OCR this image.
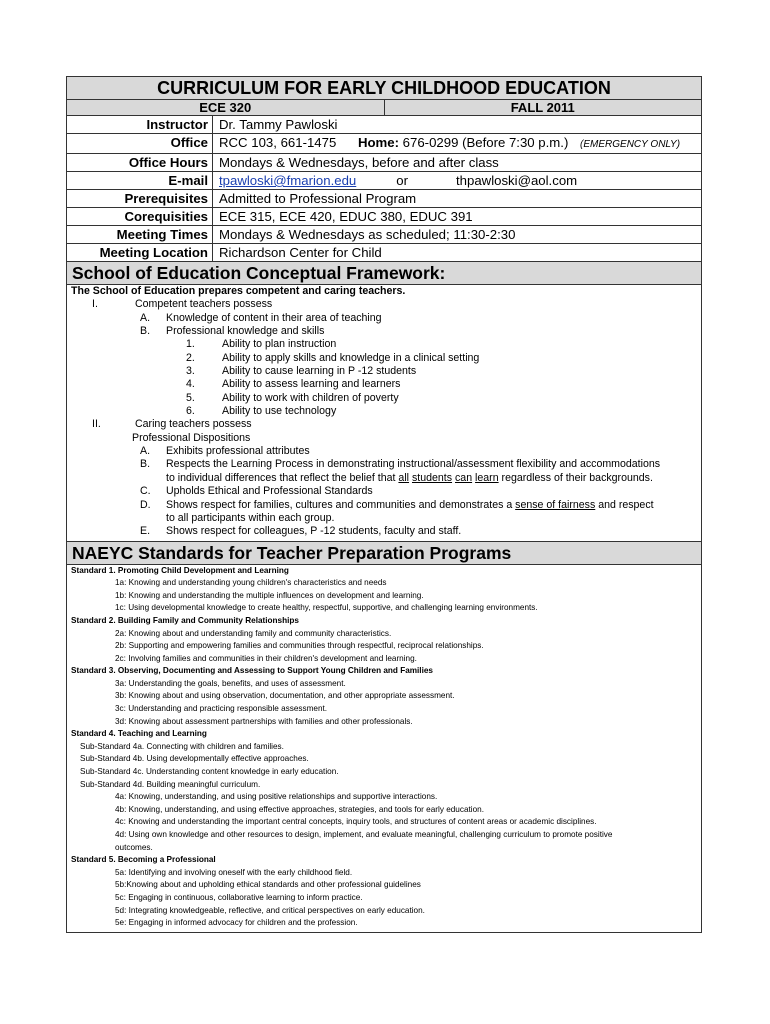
CURRICULUM FOR EARLY CHILDHOOD EDUCATION
ECE 320	FALL 2011
Instructor Dr. Tammy Pawloski
Office RCC 103, 661-1475 Home: 676-0299 (Before 7:30 p.m.) (EMERGENCY ONLY)
Office Hours Mondays & Wednesdays, before and after class
E-mail tpawloski@fmarion.edu	or	thpawloski@aol.com
Prerequisites Admitted to Professional Program
Corequisities ECE 315, ECE 420, EDUC 380, EDUC 391
Meeting Times Mondays & Wednesdays as scheduled; 11:30-2:30
Meeting Location Richardson Center for Child
School of Education Conceptual Framework:
The School of Education prepares competent and caring teachers.
I.	Competent teachers possess
A. Knowledge of content in their area of teaching
B. Professional knowledge and skills
1.	Ability to plan instruction
2.	Ability to apply skills and knowledge in a clinical setting
3.	Ability to cause learning in P -12 students
4.	Ability to assess learning and learners
5.	Ability to work with children of poverty
6.	Ability to use technology
II.	Caring teachers possess
Professional Dispositions
A. Exhibits professional attributes
B. Respects the Learning Process in demonstrating instructional/assessment flexibility and accommodations
to individual differences that reflect the belief that all students can learn regardless of their backgrounds.
C. Upholds Ethical and Professional Standards
D. Shows respect for families, cultures and communities and demonstrates a sense of fairness and respect
to all participants within each group.
E. Shows respect for colleagues, P -12 students, faculty and staff.
NAEYC Standards for Teacher Preparation Programs
Standard 1. Promoting Child Development and Learning
1a: Knowing and understanding young children's characteristics and needs
1b: Knowing and understanding the multiple influences on development and learning.
1c: Using developmental knowledge to create healthy, respectful, supportive, and challenging learning environments.
Standard 2. Building Family and Community Relationships
2a: Knowing about and understanding family and community characteristics.
2b: Supporting and empowering families and communities through respectful, reciprocal relationships.
2c: Involving families and communities in their children's development and learning.
Standard 3. Observing, Documenting and Assessing to Support Young Children and Families
3a: Understanding the goals, benefits, and uses of assessment.
3b: Knowing about and using observation, documentation, and other appropriate assessment.
3c: Understanding and practicing responsible assessment.
3d: Knowing about assessment partnerships with families and other professionals.
Standard 4. Teaching and Learning
Sub-Standard 4a. Connecting with children and families.
Sub-Standard 4b. Using developmentally effective approaches.
Sub-Standard 4c. Understanding content knowledge in early education.
Sub-Standard 4d. Building meaningful curriculum.
4a: Knowing, understanding, and using positive relationships and supportive interactions.
4b: Knowing, understanding, and using effective approaches, strategies, and tools for early education.
4c: Knowing and understanding the important central concepts, inquiry tools, and structures of content areas or academic disciplines.
4d: Using own knowledge and other resources to design, implement, and evaluate meaningful, challenging curriculum to promote positive
outcomes.
Standard 5. Becoming a Professional
5a: Identifying and involving oneself with the early childhood field.
5b:Knowing about and upholding ethical standards and other professional guidelines
5c: Engaging in continuous, collaborative learning to inform practice.
5d: Integrating knowledgeable, reflective, and critical perspectives on early education.
5e: Engaging in informed advocacy for children and the profession.
